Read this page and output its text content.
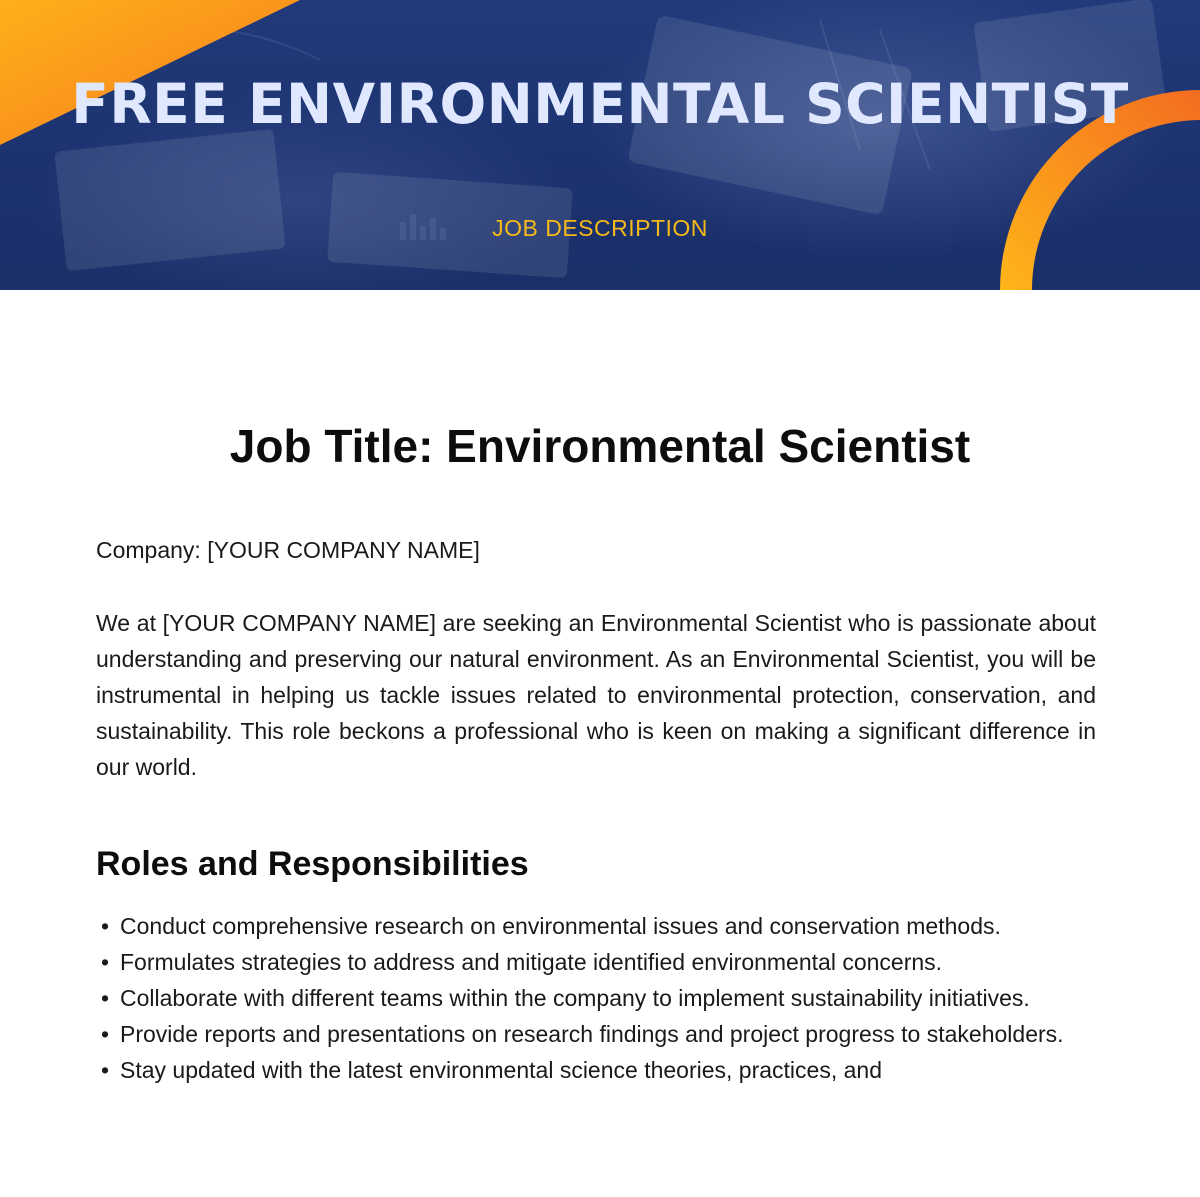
FREE ENVIRONMENTAL SCIENTIST

JOB DESCRIPTION

Job Title: Environmental Scientist

Company: [YOUR COMPANY NAME]

We at [YOUR COMPANY NAME] are seeking an Environmental Scientist who is passionate about understanding and preserving our natural environment. As an Environmental Scientist, you will be instrumental in helping us tackle issues related to environmental protection, conservation, and sustainability. This role beckons a professional who is keen on making a significant difference in our world.

Roles and Responsibilities
• Conduct comprehensive research on environmental issues and conservation methods.
• Formulates strategies to address and mitigate identified environmental concerns.
• Collaborate with different teams within the company to implement sustainability initiatives.
• Provide reports and presentations on research findings and project progress to stakeholders.
• Stay updated with the latest environmental science theories, practices, and
